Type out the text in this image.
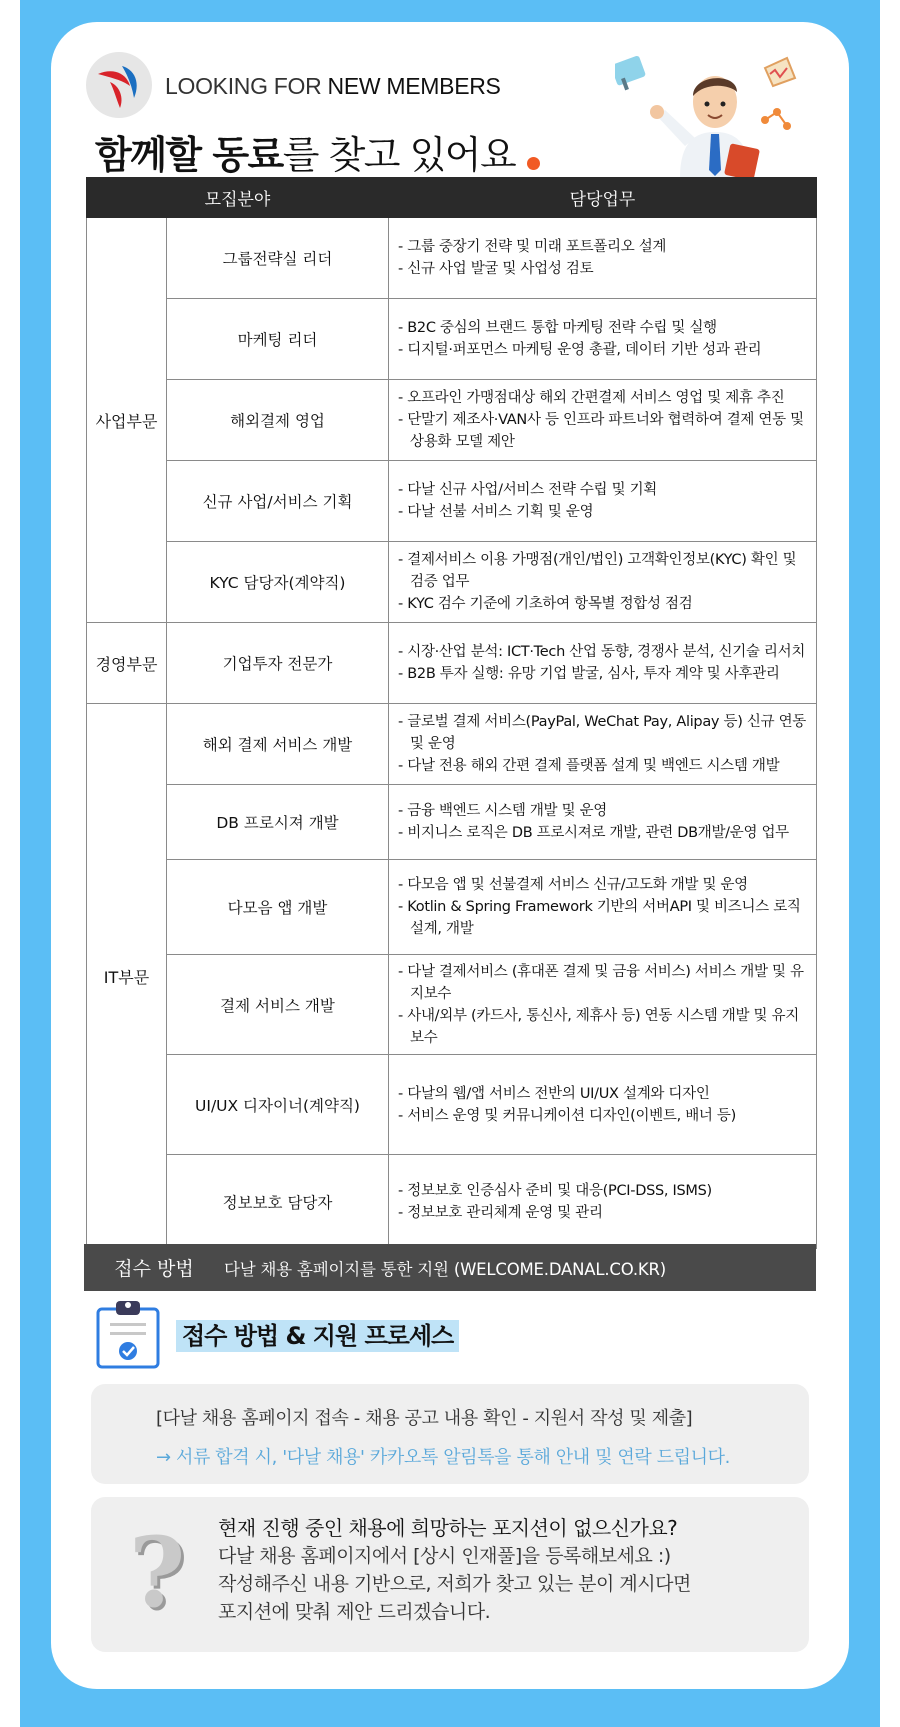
LOOKING FOR NEW MEMBERS
함께할 동료를 찾고 있어요
모집분야		담당업무
사업부문	그룹전략실 리더	- 그룹 중장기 전략 및 미래 포트폴리오 설계
- 신규 사업 발굴 및 사업성 검토

	마케팅 리더	- B2C 중심의 브랜드 통합 마케팅 전략 수립 및 실행
- 디지털·퍼포먼스 마케팅 운영 총괄, 데이터 기반 성과 관리

	해외결제 영업	- 오프라인 가맹점대상 해외 간편결제 서비스 영업 및 제휴 추진
- 단말기 제조사·VAN사 등 인프라 파트너와 협력하여 결제 연동 및 상용화 모델 제안

	신규 사업/서비스 기획	- 다날 신규 사업/서비스 전략 수립 및 기획
- 다날 선불 서비스 기획 및 운영

	KYC 담당자(계약직)	- 결제서비스 이용 가맹점(개인/법인) 고객확인정보(KYC) 확인 및 검증 업무
- KYC 검수 기준에 기초하여 항목별 정합성 점검

경영부문	기업투자 전문가	- 시장·산업 분석: ICT·Tech 산업 동향, 경쟁사 분석, 신기술 리서치
- B2B 투자 실행: 유망 기업 발굴, 심사, 투자 계약 및 사후관리

IT부문	해외 결제 서비스 개발	- 글로벌 결제 서비스(PayPal, WeChat Pay, Alipay 등) 신규 연동 및 운영
- 다날 전용 해외 간편 결제 플랫폼 설계 및 백엔드 시스템 개발

	DB 프로시져 개발	- 금융 백엔드 시스템 개발 및 운영
- 비지니스 로직은 DB 프로시져로 개발, 관련 DB개발/운영 업무

	다모음 앱 개발	- 다모음 앱 및 선불결제 서비스 신규/고도화 개발 및 운영
- Kotlin & Spring Framework 기반의 서버API 및 비즈니스 로직 설계, 개발

	결제 서비스 개발	- 다날 결제서비스 (휴대폰 결제 및 금융 서비스) 서비스 개발 및 유지보수
- 사내/외부 (카드사, 통신사, 제휴사 등) 연동 시스템 개발 및 유지보수

	UI/UX 디자이너(계약직)	- 다날의 웹/앱 서비스 전반의 UI/UX 설계와 디자인
- 서비스 운영 및 커뮤니케이션 디자인(이벤트, 배너 등)

	정보보호 담당자	- 정보보호 인증심사 준비 및 대응(PCI-DSS, ISMS)
- 정보보호 관리체계 운영 및 관리
접수 방법	다날 채용 홈페이지를 통한 지원 (WELCOME.DANAL.CO.KR)
접수 방법 & 지원 프로세스
[다날 채용 홈페이지 접속 - 채용 공고 내용 확인 - 지원서 작성 및 제출]
→ 서류 합격 시, '다날 채용' 카카오톡 알림톡을 통해 안내 및 연락 드립니다.
? 현재 진행 중인 채용에 희망하는 포지션이 없으신가요?
다날 채용 홈페이지에서 [상시 인재풀]을 등록해보세요 :)
작성해주신 내용 기반으로, 저희가 찾고 있는 분이 계시다면
포지션에 맞춰 제안 드리겠습니다.
